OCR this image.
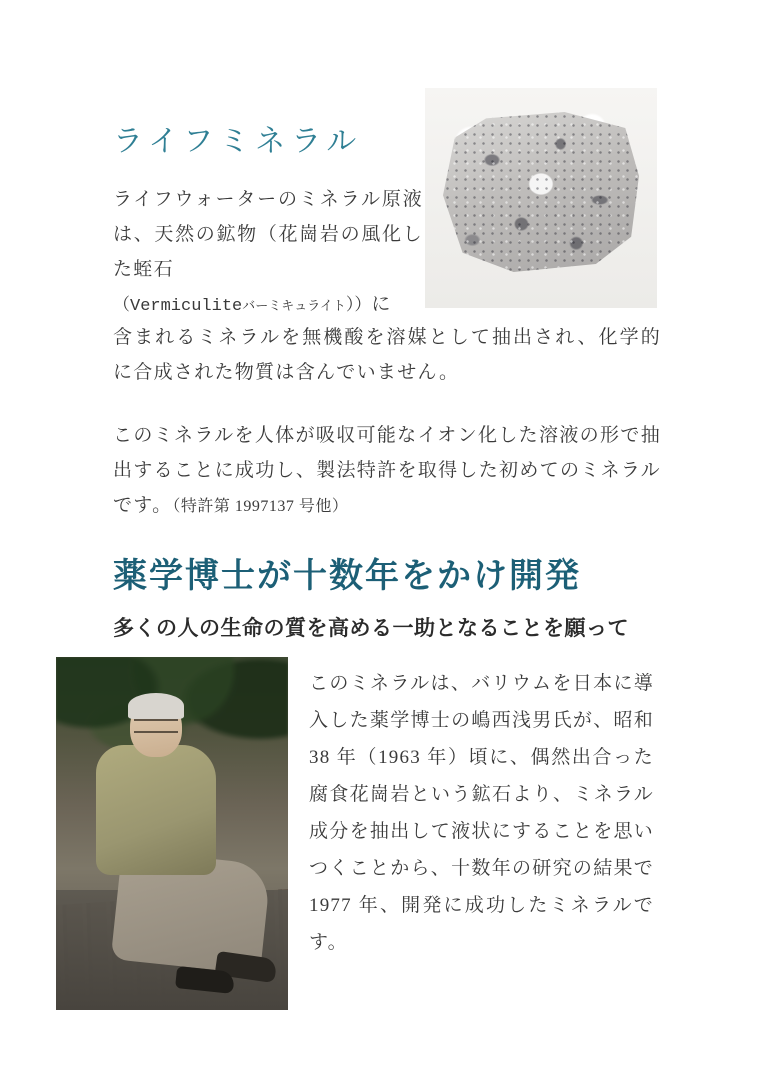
ライフミネラル

ライフウォーターのミネラル原液は、天然の鉱物（花崗岩の風化した蛭石
（Vermiculiteバーミキュライト））に

含まれるミネラルを無機酸を溶媒として抽出され、化学的に合成された物質は含んでいません。

このミネラルを人体が吸収可能なイオン化した溶液の形で抽出することに成功し、製法特許を取得した初めてのミネラルです。（特許第 1997137 号他）

薬学博士が十数年をかけ開発
多くの人の生命の質を高める一助となることを願って

このミネラルは、バリウムを日本に導入した薬学博士の嶋西浅男氏が、昭和 38 年（1963 年）頃に、偶然出合った腐食花崗岩という鉱石より、ミネラル成分を抽出して液状にすることを思いつくことから、十数年の研究の結果で 1977 年、開発に成功したミネラルです。
